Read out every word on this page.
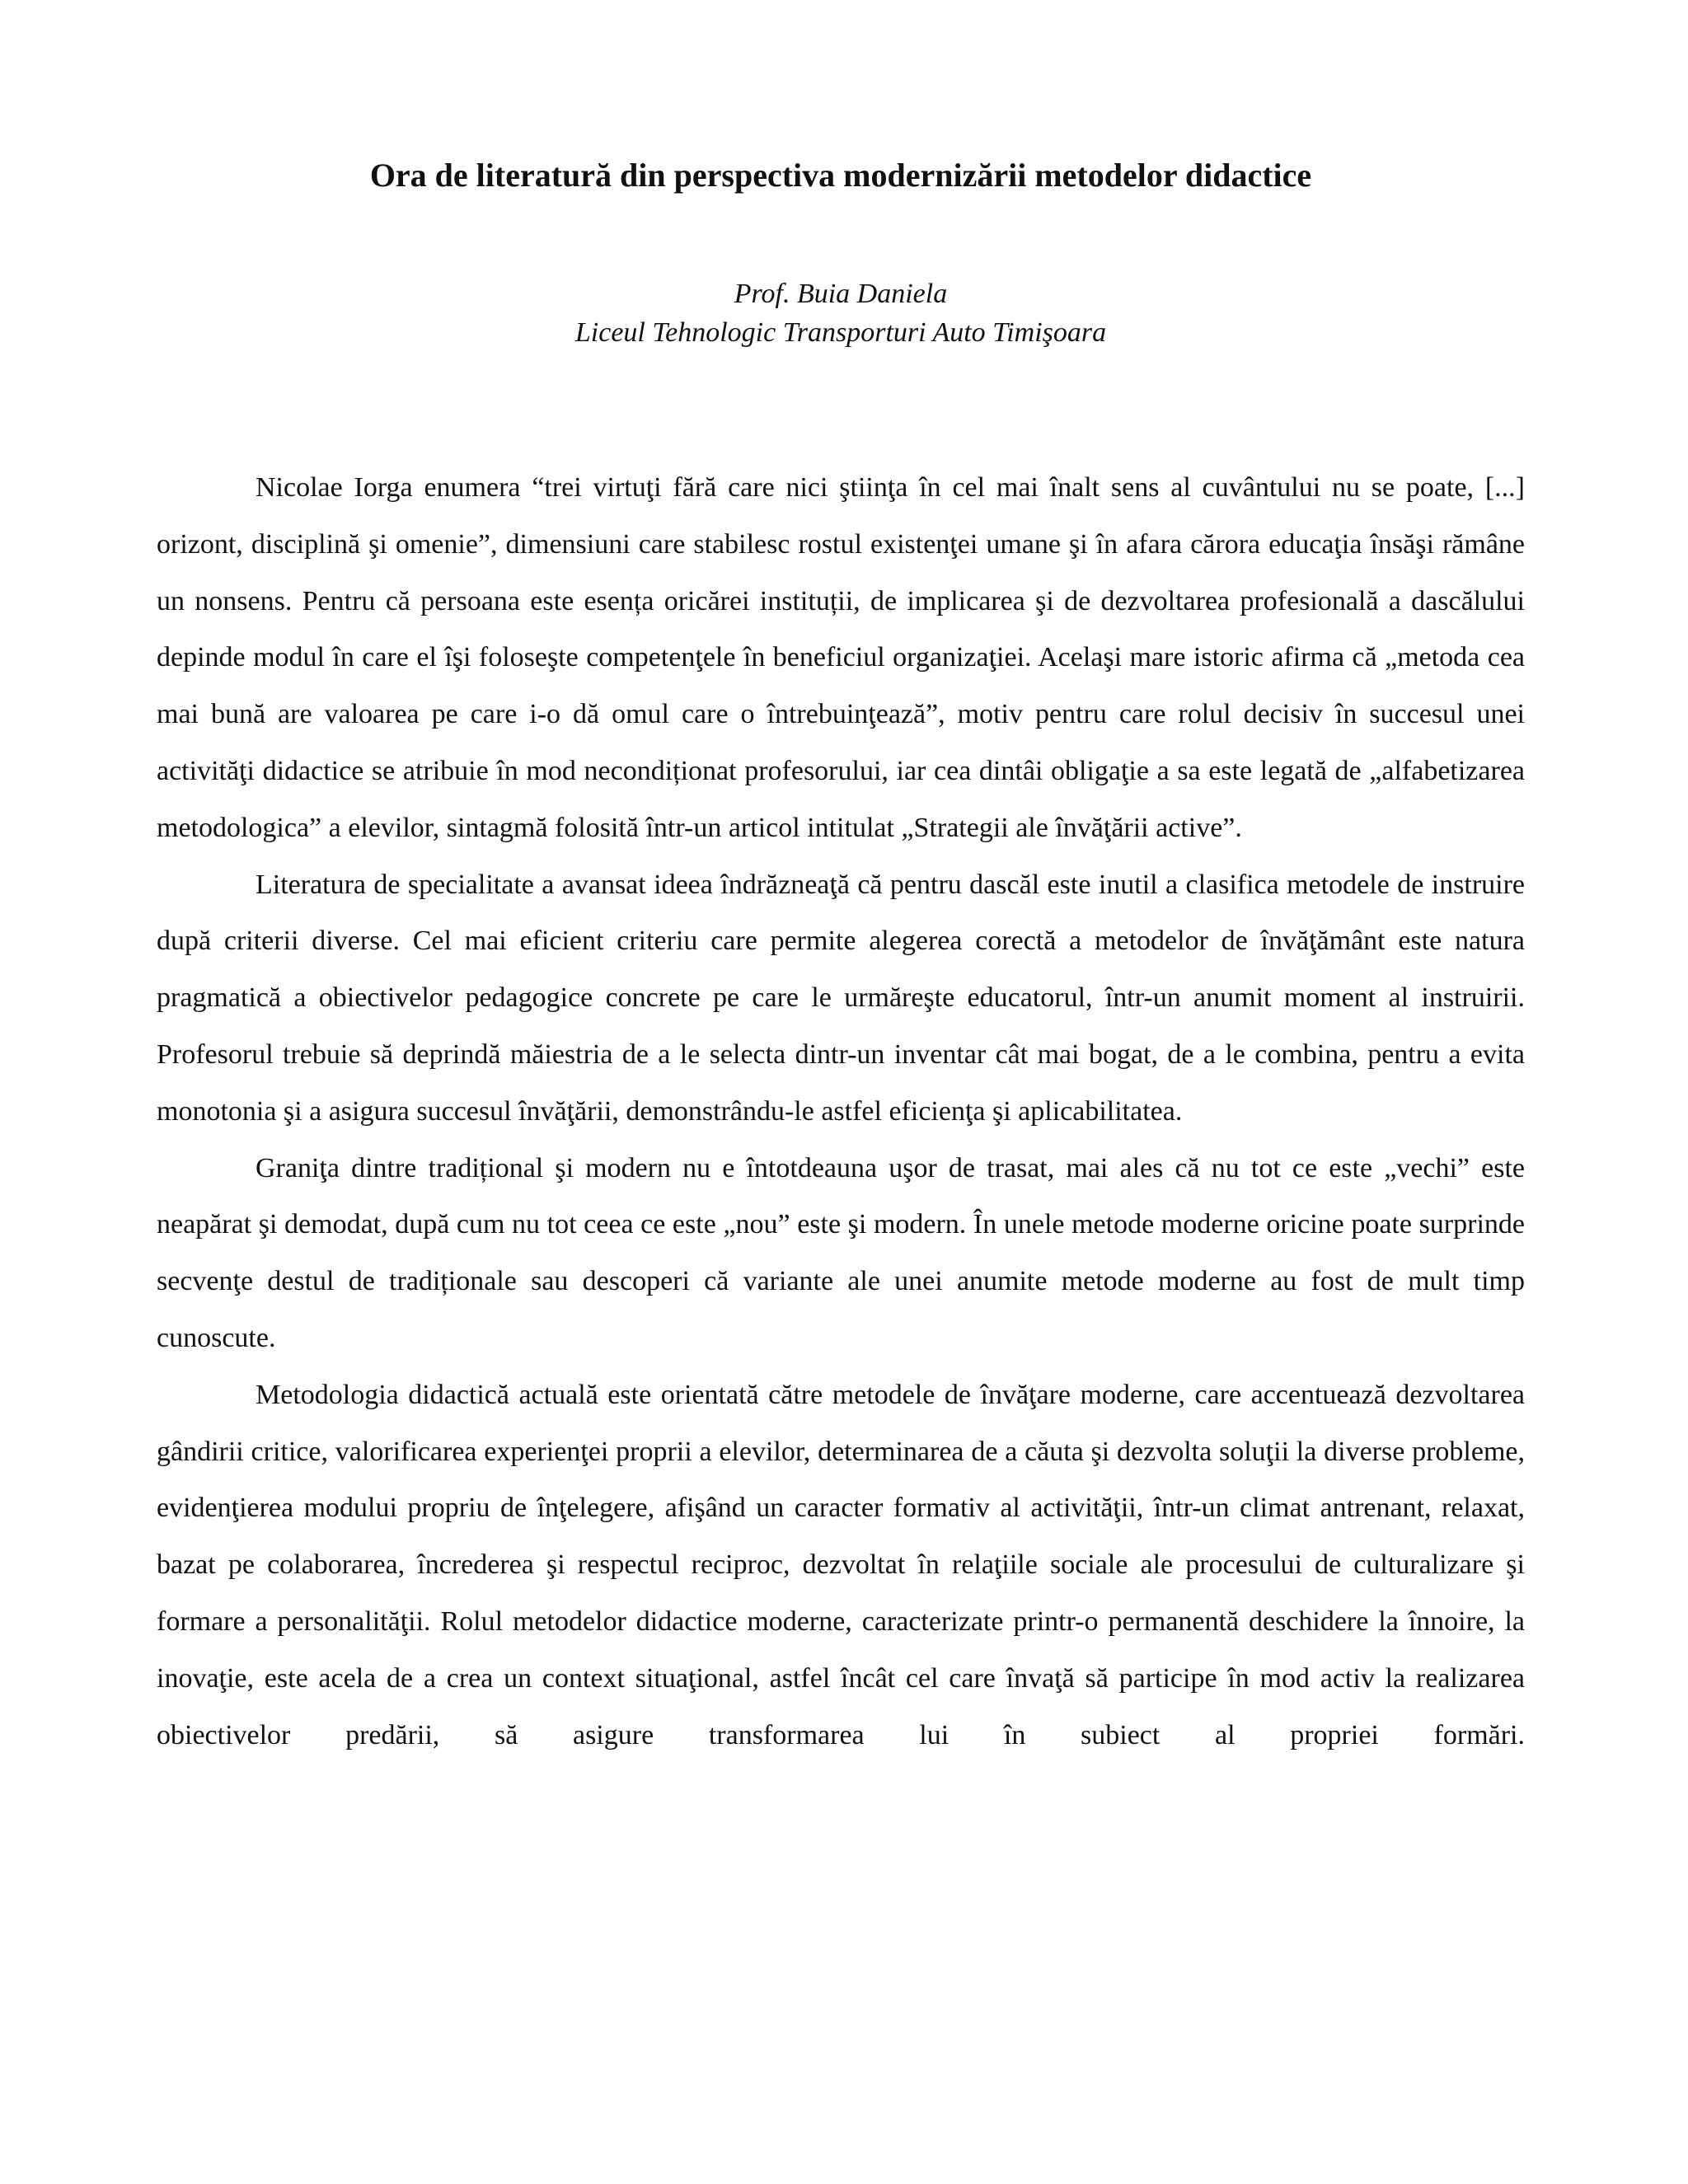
Ora de literatură din perspectiva modernizării metodelor didactice
Prof. Buia Daniela
Liceul Tehnologic Transporturi Auto Timişoara

Nicolae Iorga enumera “trei virtuţi fără care nici ştiinţa în cel mai înalt sens al cuvântului nu se poate, [...] orizont, disciplină şi omenie”, dimensiuni care stabilesc rostul existenţei umane şi în afara cărora educaţia însăşi rămâne un nonsens. Pentru că persoana este esența oricărei instituții, de implicarea şi de dezvoltarea profesională a dascălului depinde modul în care el îşi foloseşte competenţele în beneficiul organizaţiei. Acelaşi mare istoric afirma că „metoda cea mai bună are valoarea pe care i-o dă omul care o întrebuinţează”, motiv pentru care rolul decisiv în succesul unei activităţi didactice se atribuie în mod necondiționat profesorului, iar cea dintâi obligaţie a sa este legată de „alfabetizarea metodologica” a elevilor, sintagmă folosită într-un articol intitulat „Strategii ale învăţării active”.

Literatura de specialitate a avansat ideea îndrăzneaţă că pentru dascăl este inutil a clasifica metodele de instruire după criterii diverse. Cel mai eficient criteriu care permite alegerea corectă a metodelor de învăţământ este natura pragmatică a obiectivelor pedagogice concrete pe care le urmăreşte educatorul, într-un anumit moment al instruirii. Profesorul trebuie să deprindă măiestria de a le selecta dintr-un inventar cât mai bogat, de a le combina, pentru a evita monotonia şi a asigura succesul învăţării, demonstrându-le astfel eficienţa şi aplicabilitatea.

Graniţa dintre tradițional şi modern nu e întotdeauna uşor de trasat, mai ales că nu tot ce este „vechi” este neapărat şi demodat, după cum nu tot ceea ce este „nou” este şi modern. În unele metode moderne oricine poate surprinde secvenţe destul de tradiționale sau descoperi că variante ale unei anumite metode moderne au fost de mult timp cunoscute.

Metodologia didactică actuală este orientată către metodele de învăţare moderne, care accentuează dezvoltarea gândirii critice, valorificarea experienţei proprii a elevilor, determinarea de a căuta şi dezvolta soluţii la diverse probleme, evidenţierea modului propriu de înţelegere, afişând un caracter formativ al activităţii, într-un climat antrenant, relaxat, bazat pe colaborarea, încrederea şi respectul reciproc, dezvoltat în relaţiile sociale ale procesului de culturalizare şi formare a personalităţii. Rolul metodelor didactice moderne, caracterizate printr-o permanentă deschidere la înnoire, la inovaţie, este acela de a crea un context situaţional, astfel încât cel care învaţă să participe în mod activ la realizarea obiectivelor predării, să asigure transformarea lui în subiect al propriei formări.
